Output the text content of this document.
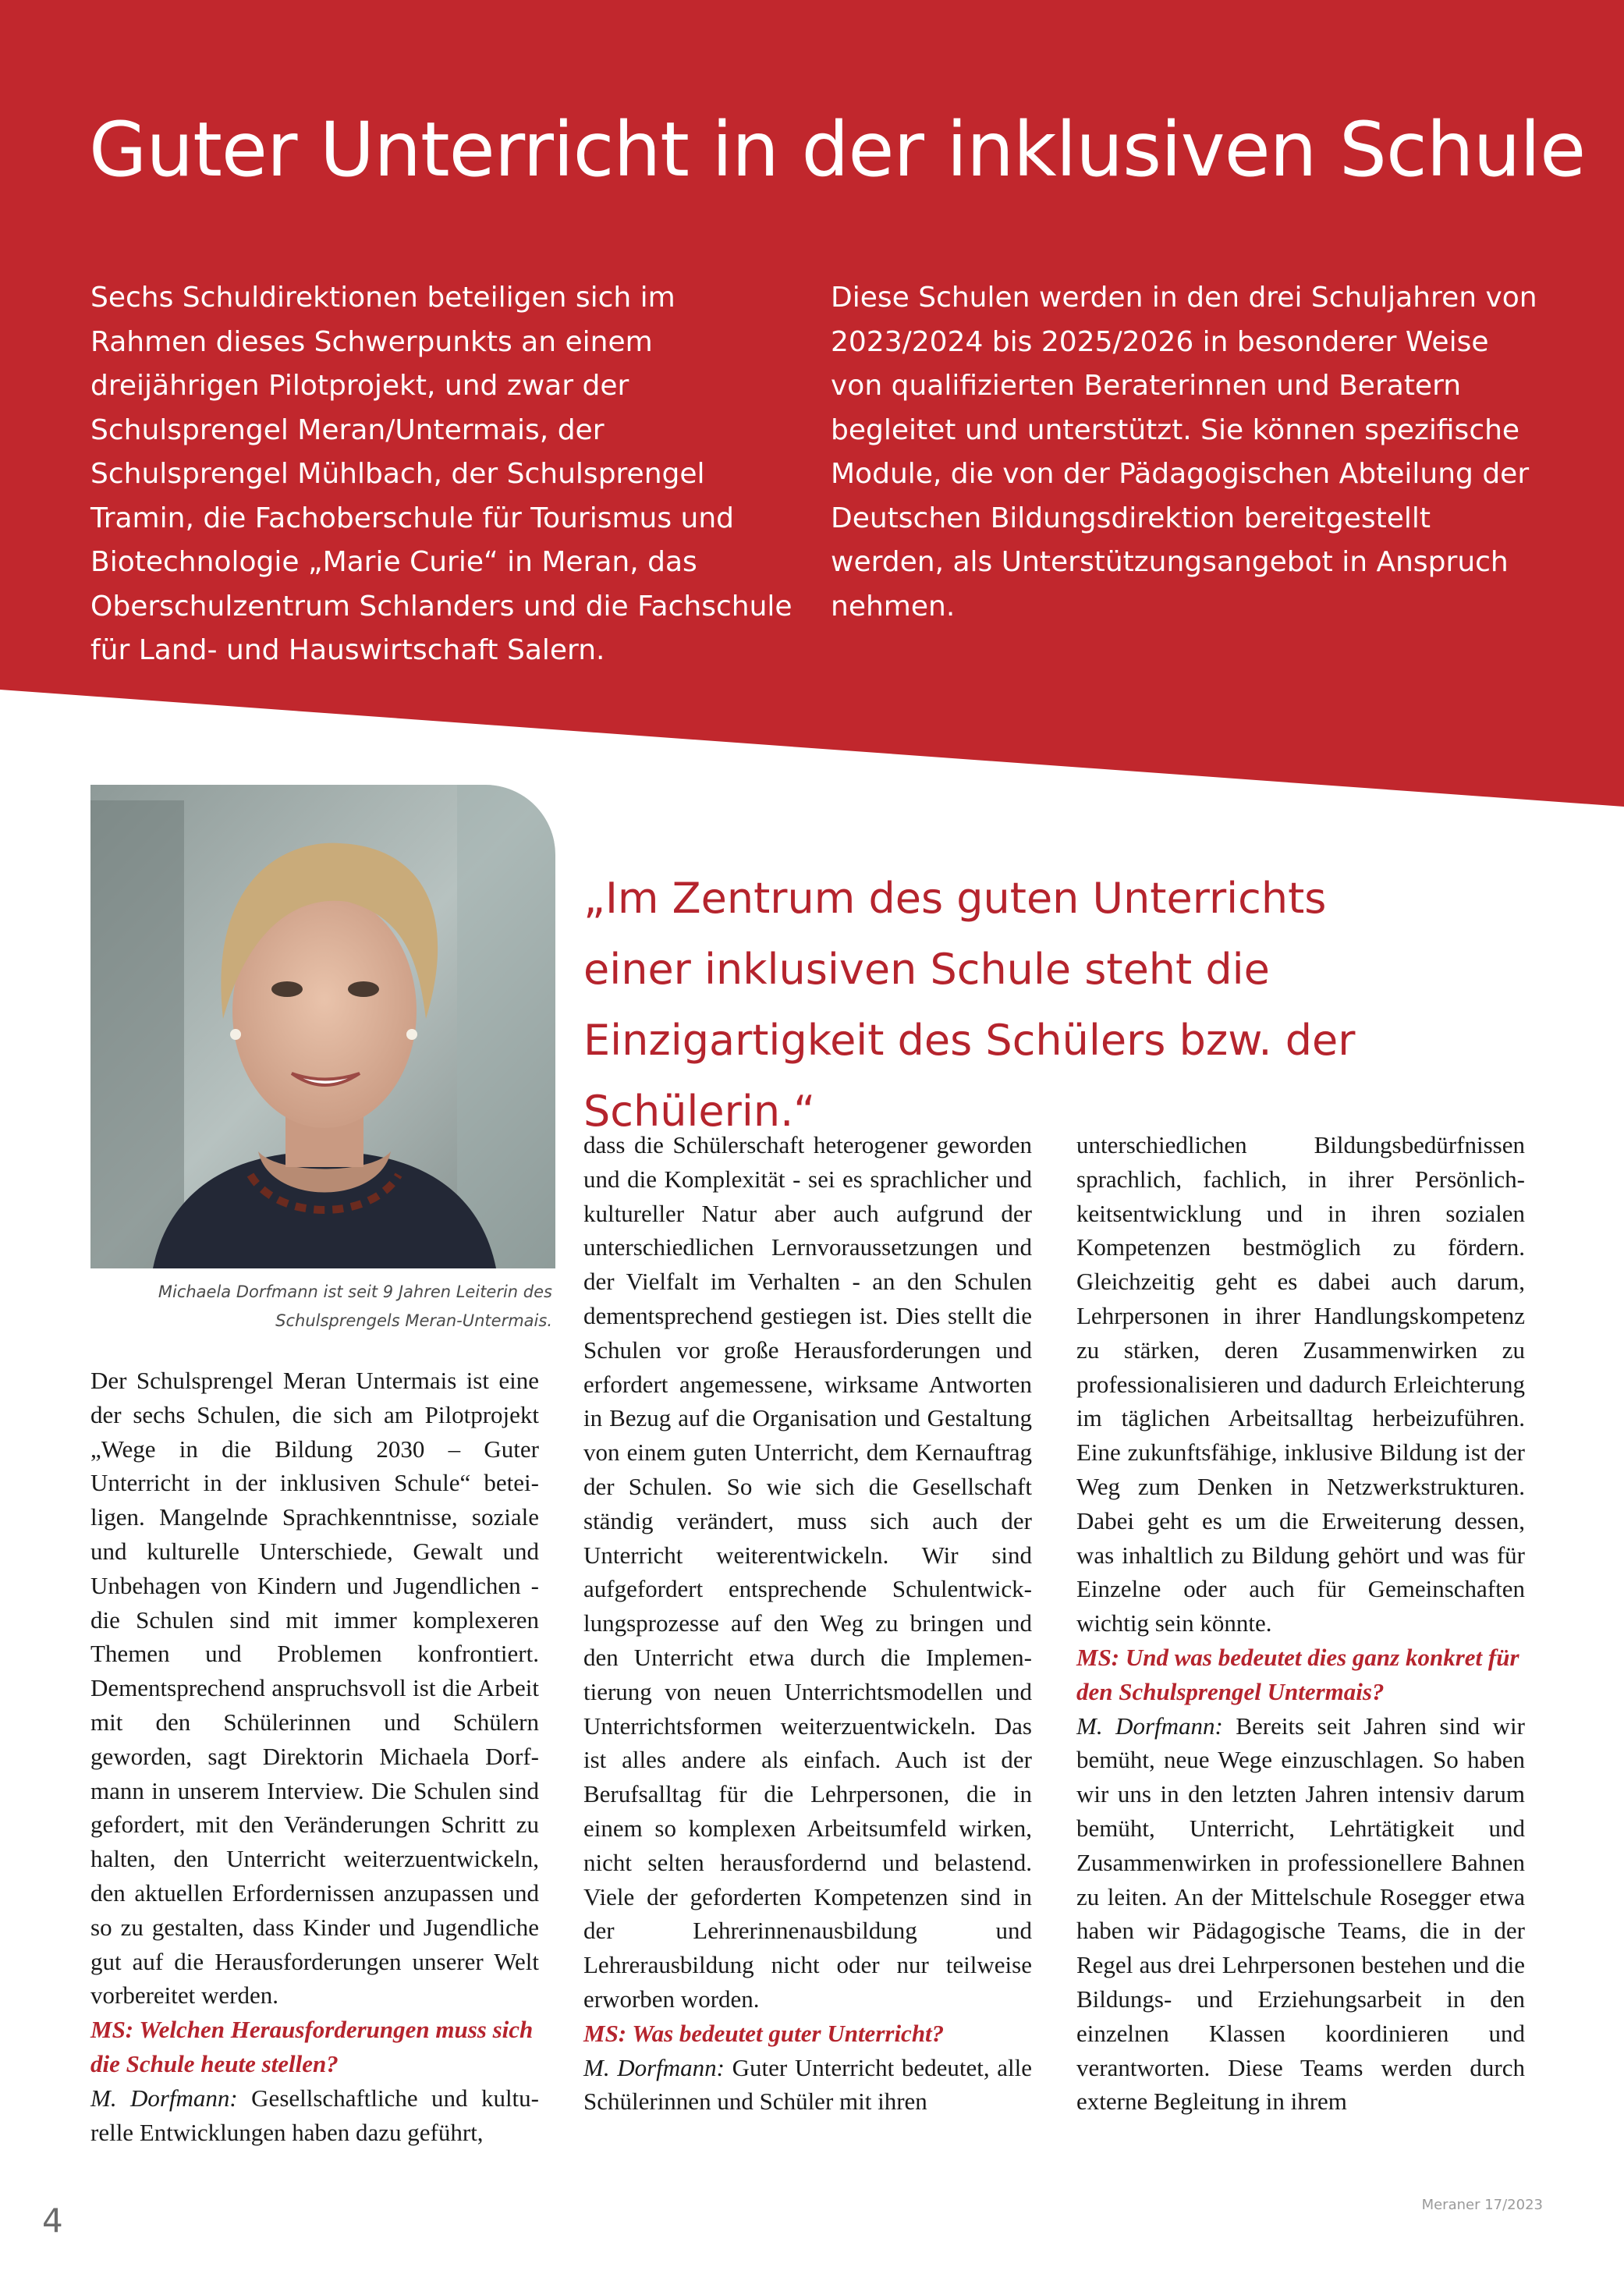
Guter Unterricht in der inklusiven Schule

Sechs Schuldirektionen beteiligen sich im Rahmen dieses Schwerpunkts an einem dreijährigen Pilotprojekt, und zwar der Schulsprengel Meran/Untermais, der Schulsprengel Mühlbach, der Schulsprengel Tramin, die Fachoberschule für Tourismus und Biotechnologie „Marie Curie“ in Meran, das Oberschulzentrum Schlanders und die Fachschule für Land- und Hauswirtschaft Salern.

Diese Schulen werden in den drei Schuljahren von 2023/2024 bis 2025/2026 in besonderer Weise von qualifizierten Beraterinnen und Beratern begleitet und unterstützt. Sie können spezifische Module, die von der Pädagogischen Abteilung der Deutschen Bildungsdirektion bereitgestellt werden, als Unterstützungsangebot in Anspruch nehmen.

Michaela Dorfmann ist seit 9 Jahren Leiterin des
Schulsprengels Meran-Untermais.

„Im Zentrum des guten Unterrichts
einer inklusiven Schule steht die
Einzigartigkeit des Schülers bzw. der Schülerin.“

Der Schulsprengel Meran Untermais ist eine der sechs Schulen, die sich am Pilotprojekt „Wege in die Bildung 2030 – Guter Unterricht in der inklusiven Schule“ beteiligen. Mangelnde Sprachkenntnisse, soziale und kulturelle Unterschiede, Gewalt und Unbehagen von Kindern und Jugendlichen - die Schulen sind mit immer komplexeren Themen und Problemen konfrontiert. Dementsprechend anspruchsvoll ist die Arbeit mit den Schülerinnen und Schülern geworden, sagt Direktorin Michaela Dorfmann in unserem Interview. Die Schulen sind gefordert, mit den Veränderungen Schritt zu halten, den Unterricht weiterzuentwickeln, den aktuellen Erfordernissen anzupassen und so zu gestalten, dass Kinder und Jugendliche gut auf die Herausforderungen unserer Welt vorbereitet werden.

MS: Welchen Herausforderungen muss sich die Schule heute stellen?

M. Dorfmann: Gesellschaftliche und kulturelle Entwicklungen haben dazu geführt,

dass die Schülerschaft heterogener geworden und die Komplexität - sei es sprachlicher und kultureller Natur aber auch aufgrund der unterschiedlichen Lernvoraussetzungen und der Vielfalt im Verhalten - an den Schulen dementsprechend gestiegen ist. Dies stellt die Schulen vor große Herausforderungen und erfordert angemessene, wirksame Antworten in Bezug auf die Organisation und Gestaltung von einem guten Unterricht, dem Kernauftrag der Schulen. So wie sich die Gesellschaft ständig verändert, muss sich auch der Unterricht weiterentwickeln. Wir sind aufgefordert entsprechende Schulentwicklungsprozesse auf den Weg zu bringen und den Unterricht etwa durch die Implementierung von neuen Unterrichtsmodellen und Unterrichtsformen weiterzuentwickeln. Das ist alles andere als einfach. Auch ist der Berufsalltag für die Lehrpersonen, die in einem so komplexen Arbeitsumfeld wirken, nicht selten herausfordernd und belastend. Viele der geforderten Kompetenzen sind in der Lehrerinnenausbildung und Lehrerausbildung nicht oder nur teilweise erworben worden.

MS: Was bedeutet guter Unterricht?

M. Dorfmann: Guter Unterricht bedeutet, alle Schülerinnen und Schüler mit ihren

unterschiedlichen Bildungsbedürfnissen sprachlich, fachlich, in ihrer Persönlichkeitsentwicklung und in ihren sozialen Kompetenzen bestmöglich zu fördern. Gleichzeitig geht es dabei auch darum, Lehrpersonen in ihrer Handlungskompetenz zu stärken, deren Zusammenwirken zu professionalisieren und dadurch Erleichterung im täglichen Arbeitsalltag herbeizuführen. Eine zukunftsfähige, inklusive Bildung ist der Weg zum Denken in Netzwerkstrukturen. Dabei geht es um die Erweiterung dessen, was inhaltlich zu Bildung gehört und was für Einzelne oder auch für Gemeinschaften wichtig sein könnte.

MS: Und was bedeutet dies ganz konkret für den Schulsprengel Untermais?

M. Dorfmann: Bereits seit Jahren sind wir bemüht, neue Wege einzuschlagen. So haben wir uns in den letzten Jahren intensiv darum bemüht, Unterricht, Lehrtätigkeit und Zusammenwirken in professionellere Bahnen zu leiten. An der Mittelschule Rosegger etwa haben wir Pädagogische Teams, die in der Regel aus drei Lehrpersonen bestehen und die Bildungs- und Erziehungsarbeit in den einzelnen Klassen koordinieren und verantworten. Diese Teams werden durch externe Begleitung in ihrem

4	Meraner 17/2023
